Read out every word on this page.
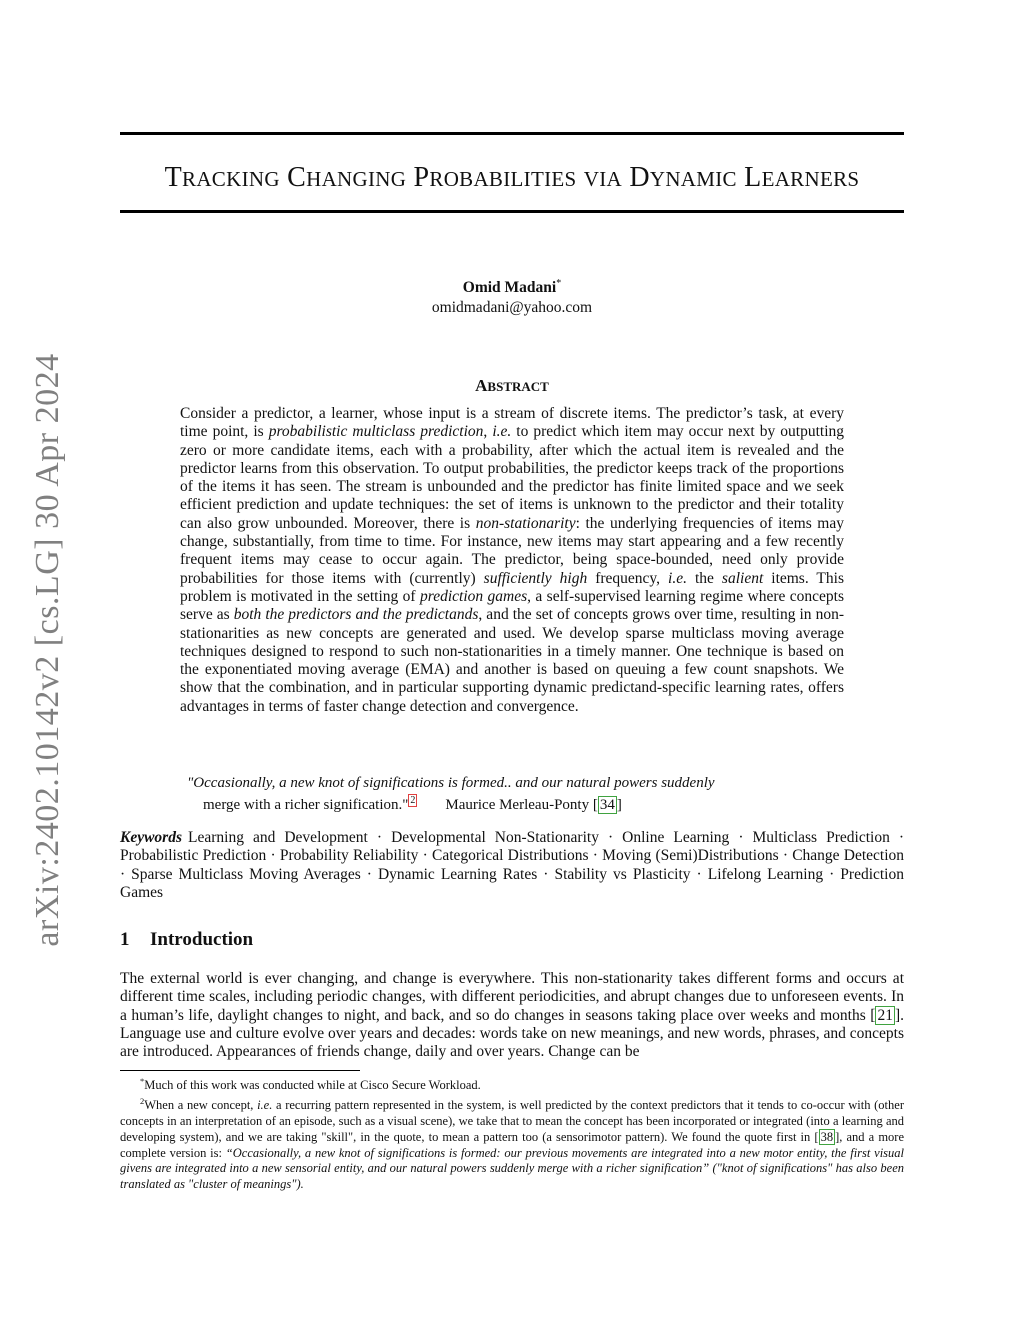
arXiv:2402.10142v2 [cs.LG] 30 Apr 2024
TRACKING CHANGING PROBABILITIES VIA DYNAMIC LEARNERS
Omid Madani*
omidmadani@yahoo.com
ABSTRACT

Consider a predictor, a learner, whose input is a stream of discrete items. The predictor’s task, at every time point, is probabilistic multiclass prediction, i.e. to predict which item may occur next by outputting zero or more candidate items, each with a probability, after which the actual item is revealed and the predictor learns from this observation. To output probabilities, the predictor keeps track of the proportions of the items it has seen. The stream is unbounded and the predictor has finite limited space and we seek efficient prediction and update techniques: the set of items is unknown to the predictor and their totality can also grow unbounded. Moreover, there is non-stationarity: the underlying frequencies of items may change, substantially, from time to time. For instance, new items may start appearing and a few recently frequent items may cease to occur again. The predictor, being space-bounded, need only provide probabilities for those items with (currently) sufficiently high frequency, i.e. the salient items. This problem is motivated in the setting of prediction games, a self-supervised learning regime where concepts serve as both the predictors and the predictands, and the set of concepts grows over time, resulting in non-stationarities as new concepts are generated and used. We develop sparse multiclass moving average techniques designed to respond to such non-stationarities in a timely manner. One technique is based on the exponentiated moving average (EMA) and another is based on queuing a few count snapshots. We show that the combination, and in particular supporting dynamic predictand-specific learning rates, offers advantages in terms of faster change detection and convergence.

"Occasionally, a new knot of significations is formed.. and our natural powers suddenly
merge with a richer signification." $^2$ Maurice Merleau-Ponty [ 34 ]
Keywords Learning and Development · Developmental Non-Stationarity · Online Learning · Multiclass Prediction · Probabilistic Prediction · Probability Reliability · Categorical Distributions · Moving (Semi)Distributions · Change Detection · Sparse Multiclass Moving Averages · Dynamic Learning Rates · Stability vs Plasticity · Lifelong Learning · Prediction Games
1 Introduction

The external world is ever changing, and change is everywhere. This non-stationarity takes different forms and occurs at different time scales, including periodic changes, with different periodicities, and abrupt changes due to unforeseen events. In a human’s life, daylight changes to night, and back, and so do changes in seasons taking place over weeks and months [ 21 ]. Language use and culture evolve over years and decades: words take on new meanings, and new words, phrases, and concepts are introduced. Appearances of friends change, daily and over years. Change can be

*Much of this work was conducted while at Cisco Secure Workload.

$^2$When a new concept, i.e. a recurring pattern represented in the system, is well predicted by the context predictors that it tends to co-occur with (other concepts in an interpretation of an episode, such as a visual scene), we take that to mean the concept has been incorporated or integrated (into a learning and developing system), and we are taking "skill", in the quote, to mean a pattern too (a sensorimotor pattern). We found the quote first in [ 38 ], and a more complete version is: “Occasionally, a new knot of significations is formed: our previous movements are integrated into a new motor entity, the first visual givens are integrated into a new sensorial entity, and our natural powers suddenly merge with a richer signification” ("knot of significations" has also been translated as "cluster of meanings").
